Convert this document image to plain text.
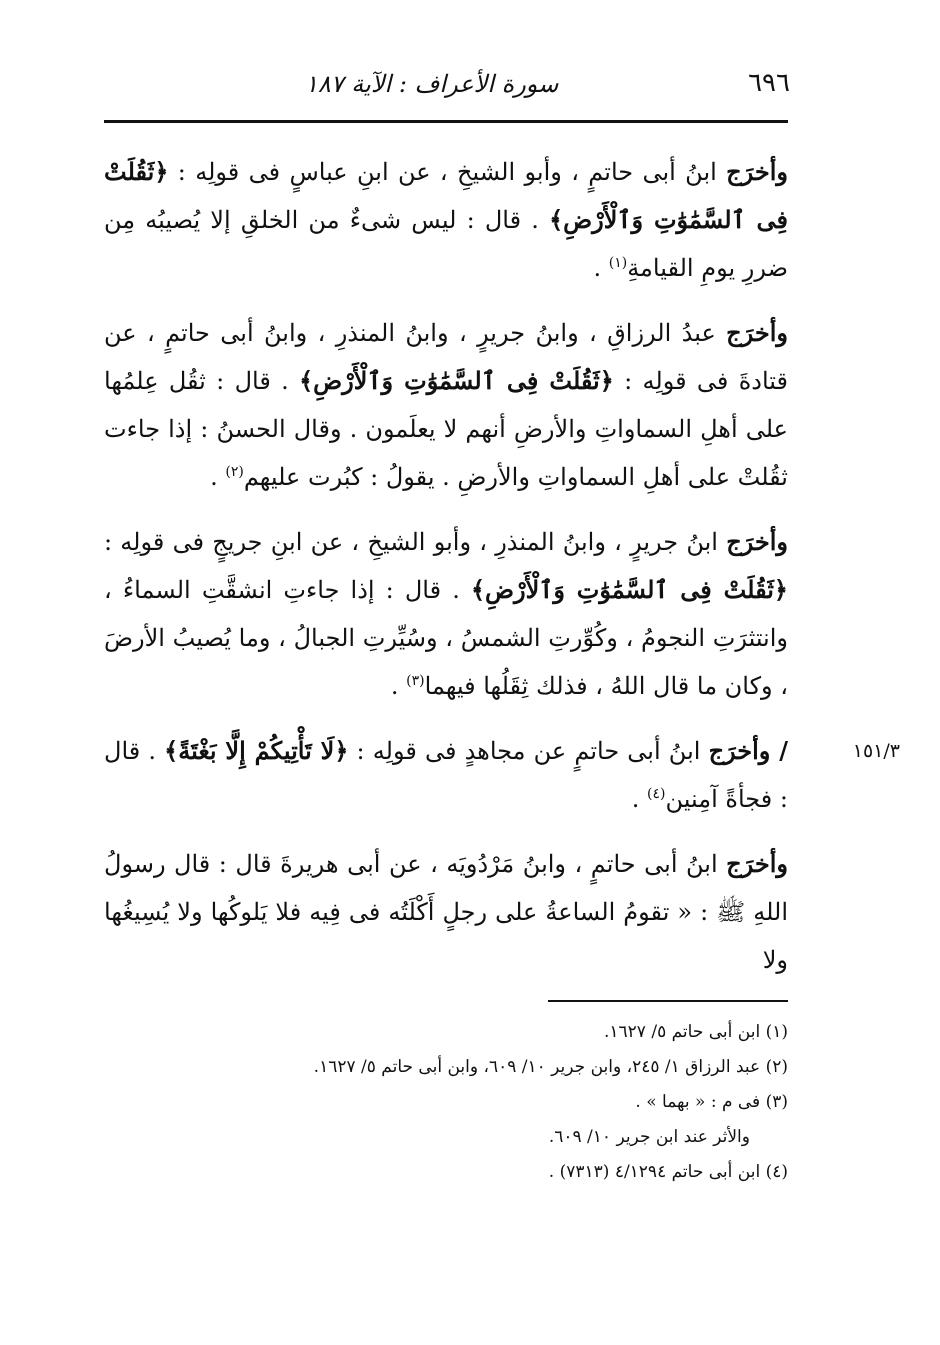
٦٩٦
سورة الأعراف : الآية ١٨٧

وأخرَج ابنُ أبى حاتمٍ ، وأبو الشيخِ ، عن ابنِ عباسٍ فى قولِه : ﴿ثَقُلَتْ فِى ٱلسَّمَٰوَٰتِ وَٱلْأَرْضِ﴾ . قال : ليس شىءٌ من الخلقِ إلا يُصيبُه مِن ضررِ يومِ القيامةِ$^{(١)}$ .

وأخرَج عبدُ الرزاقِ ، وابنُ جريرٍ ، وابنُ المنذرِ ، وابنُ أبى حاتمٍ ، عن قتادةَ فى قولِه : ﴿ثَقُلَتْ فِى ٱلسَّمَٰوَٰتِ وَٱلْأَرْضِ﴾ . قال : ثقُل عِلمُها على أهلِ السماواتِ والأرضِ أنهم لا يعلَمون . وقال الحسنُ : إذا جاءت ثقُلتْ على أهلِ السماواتِ والأرضِ . يقولُ : كبُرت عليهم$^{(٢)}$ .

وأخرَج ابنُ جريرٍ ، وابنُ المنذرِ ، وأبو الشيخِ ، عن ابنِ جريجٍ فى قولِه : ﴿ثَقُلَتْ فِى ٱلسَّمَٰوَٰتِ وَٱلْأَرْضِ﴾ . قال : إذا جاءتِ انشقَّتِ السماءُ ، وانتثرَتِ النجومُ ، وكُوِّرتِ الشمسُ ، وسُيِّرتِ الجبالُ ، وما يُصيبُ الأرضَ ، وكان ما قال اللهُ ، فذلك ثِقَلُها فيهما$^{(٣)}$ .

١٥١/٣
/ وأخرَج ابنُ أبى حاتمٍ عن مجاهدٍ فى قولِه : ﴿لَا تَأْتِيكُمْ إِلَّا بَغْتَةً﴾ . قال : فجأةً آمِنين$^{(٤)}$ .

وأخرَج ابنُ أبى حاتمٍ ، وابنُ مَرْدُويَه ، عن أبى هريرةَ قال : قال رسولُ اللهِ ﷺ : « تقومُ الساعةُ على رجلٍ أَكْلَتُه فى فِيه فلا يَلوكُها ولا يُسِيغُها ولا

(١) ابن أبى حاتم ٥/ ١٦٢٧.

(٢) عبد الرزاق ١/ ٢٤٥، وابن جرير ١٠/ ٦٠٩، وابن أبى حاتم ٥/ ١٦٢٧.

(٣) فى م : « بهما » .

والأثر عند ابن جرير ١٠/ ٦٠٩.

(٤) ابن أبى حاتم ٤/١٢٩٤ (٧٣١٣) .
